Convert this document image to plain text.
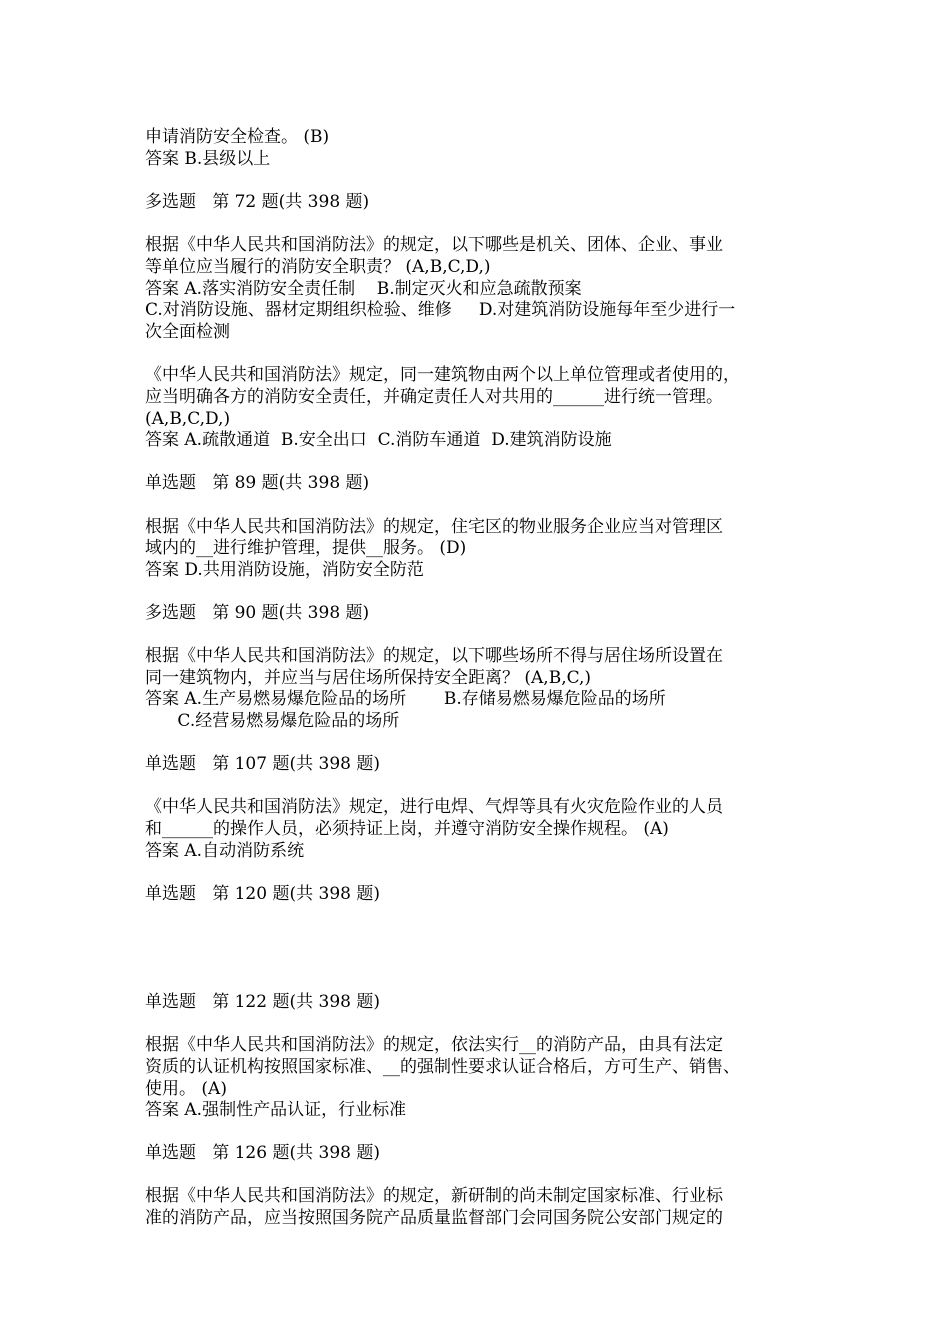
申请消防安全检查。 (B)
答案 B.县级以上
多选题   第 72 题(共 398 题)
根据《中华人民共和国消防法》的规定，以下哪些是机关、团体、企业、事业
等单位应当履行的消防安全职责？ (A,B,C,D,)
答案 A.落实消防安全责任制    B.制定灭火和应急疏散预案
C.对消防设施、器材定期组织检验、维修     D.对建筑消防设施每年至少进行一
次全面检测
《中华人民共和国消防法》规定，同一建筑物由两个以上单位管理或者使用的，
应当明确各方的消防安全责任，并确定责任人对共用的______进行统一管理。
(A,B,C,D,)
答案 A.疏散通道  B.安全出口  C.消防车通道  D.建筑消防设施
单选题   第 89 题(共 398 题)
根据《中华人民共和国消防法》的规定，住宅区的物业服务企业应当对管理区
域内的__进行维护管理，提供__服务。 (D)
答案 D.共用消防设施，消防安全防范
多选题   第 90 题(共 398 题)
根据《中华人民共和国消防法》的规定，以下哪些场所不得与居住场所设置在
同一建筑物内，并应当与居住场所保持安全距离？ (A,B,C,)
答案 A.生产易燃易爆危险品的场所       B.存储易燃易爆危险品的场所
C.经营易燃易爆危险品的场所
单选题   第 107 题(共 398 题)
《中华人民共和国消防法》规定，进行电焊、气焊等具有火灾危险作业的人员
和______的操作人员，必须持证上岗，并遵守消防安全操作规程。 (A)
答案 A.自动消防系统
单选题   第 120 题(共 398 题)
单选题   第 122 题(共 398 题)
根据《中华人民共和国消防法》的规定，依法实行__的消防产品，由具有法定
资质的认证机构按照国家标准、__的强制性要求认证合格后，方可生产、销售、
使用。 (A)
答案 A.强制性产品认证，行业标准
单选题   第 126 题(共 398 题)
根据《中华人民共和国消防法》的规定，新研制的尚未制定国家标准、行业标
准的消防产品，应当按照国务院产品质量监督部门会同国务院公安部门规定的
